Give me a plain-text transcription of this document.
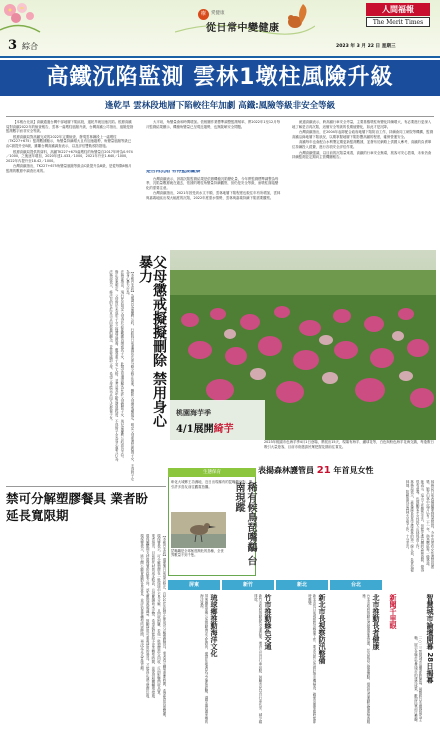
3 綜合
療	愛健康
從日常中變健康
人間福報
The Merit Times
2023 年 3 月 22 日 星期三
高鐵沉陷監測 雲林1墩柱風險升級
逢乾旱 雲林段地層下陷較往年加劇 高鐵:風險等級非安全等級

【本報台北訊】高鐵通過台灣中部地層下陷區段，邊乾旱就加速沉陷。根據高鐵局對高鐵2022年的檢查報告，雲林一處墩柱風險升級，台灣高鐵公司指出，風險是指監測數字而非安全等級。

根據高鐵局對高鐵完成的2022年定期檢查，發現雲林縣段上一處墩柱（TK227+675）監測數據顯示，角變量持續增大且有加速趨勢，角變量風險等級已由C級提升至B級，雖離台灣高鐵調查表示，以及評估雙軌預防措施。

根據高鐵局提供的資料，高鐵TK227+675處墩柱的角變量自2017年時為0.974／1000，之後逐年增加，2020年達1.433／1000，2021年升至1.640／1000，2022年內提升至18.42／1000。

台灣高鐵指出，TK227+675角變量風險等級由C級提升為B級，是從每隔6個月監測的數據中調查出來的。

大平坦，角變量會和時間增加。依相關作業標準調整監測頻率，將2022年1至12月每月監測結果顯示，機槍角變量已呈現近趨勢，也無陡峭安全問題。

是否再沉陷 有待監測觀察

台灣高鐵表示，該端沉陷監測結果是依據機槍沉陷變化量，今年將監測標準調整為每季，沉陷量數據就在過去，依據的墩柱角變量持續觀察，但仍是安全等級，而墩柱面臨變化的需要注意。

台灣高鐵指出，2021年因受到水文不順，雲林地層下陷程度也較往年有所增加，雲林與嘉義地區出現大幅度的沉陷，2022年度需水情勢，雲林與嘉義持續下陷需要觀察。

統還高鐵表示，跨高鐵行車安全考量，主要基樁墩柱角變化持續增大，有必要進行更深入地了解是否再沉陷，這個安全等級的長期值變化，如此才是沉降。

台灣高鐵指出，在2004年起即配合政府地層下陷防治工作，持續會同工研院等機構，監測高鐵沿線地層下陷狀況，以期掌握地層下陷影響高鐵的程度，確保營運安全。

高鐵每年也會配合水利署定期更新監測數據，並發布於網路上供國人參考，高鐵的負責單位持續投入經費，進行各項安全評估作業。

台灣高鐵強調，以目前的沉陷量來看，高鐵的行車安全無虞，旅客可安心搭乘，未來仍會持續監測並定期向主管機關報告。

父母懲戒擬擬刪除 禁用身心暴力

【本報台北訊】為落實兒童權利公約，行政院日前通過民法部分條文修正草案，刪除父母懲戒權規定，明定父母保護及教養子女，不得對子女為身心暴力行為。

法務部指出，現行民法規定父母得於必要範圍內懲戒其子女，此規定易遭誤解為允許父母體罰子女，與兒童權利公約意旨不符。

修正草案明定，父母對於未成年子女之保護及教養，應尊重子女之人格，並考量其年齡及發展程度，不得對子女為身心暴力行為。

法務部表示，修法目的在於宣示正向教養的觀念，並非要處罰父母，希望父母能以正向方式教養子女。	桃園海芋季
4/1展開綺芋
2023年桃園市色海芋季4月1日登場，將展出15天，現場有海芋、繡球花等，白色與粉色海芋花海交織，每逢假日吸引大量遊客，目前市府邀請民眾把握花期前往賞花。
禁可分解塑膠餐具 業者盼延長寬限期

【本報台北訊】環保署日前預告修正，自2025年起禁止使用可分解塑膠餐具，業者表示轉型需要時間，希望能延長寬限期。

環保署表示，可分解塑膠在一般環境中不易分解，且回收困難，若與一般塑膠混合回收，反而影響回收品質。

業者指出，目前替代材質成本較高，且供應鏈尚未完整，希望政府能給予更多轉型時間，並提供相關輔導措施。

環保團體則支持環保署的政策方向，認為應從源頭減量，鼓勵使用可重複使用的餐具，才能真正減少塑膠垃圾。

環保署表示，將召開公聽會廣納各界意見，並評估業者轉型所需時間，再決定正式實施日期。

生態保育
彰化大城鄉王功濕地，近日出現稀有的琵嘴鷸身影，吸引許多鳥友前往觀賞拍攝。
琵嘴鷸是全球極度瀕危的鳥種，全世界數量不到千隻。	稀有候鳥琵嘴鷸 台南現蹤
表揚森林護管員 21 年首見女性

林務局日前表揚績優森林護管員，今年首度有女性護管員獲獎，她在山林中巡守已有二十一年，熟悉轄區每一條林道。

她表示，巡山工作雖然辛苦，但能守護台灣的森林資源，覺得很有意義，也鼓勵更多女性投入山林保育工作。

林務局表示，森林護管員是守護森林的第一線人員，負責巡視林地、防範盜伐及森林火災等工作，十分辛苦。

屏東
琉球鄉推動海洋文化
屏東縣琉球鄉公所推動海洋文化教育，邀請在地漁民分享捕魚經驗，讓學童認識家鄉的海洋資源。
新竹
竹市推動綠色交通
新竹市政府推動綠色交通政策，增設公共自行車站點，鼓勵市民以自行車代步，減少碳排放。
新北
新北市長視察防汛整備
新北市長日前視察防汛整備工作，要求各區公所做好抽水機檢查，確保汛期來臨時能即時應變。
台北
北市推動長者健康
台北市政府推動長者健康促進計畫，於各區設立健康據點，提供長者運動及健康檢查服務。	新聞千里眼	智慧城市論壇開幕 28日揭幕
二○二三智慧城市論壇即將開幕，展覽將以永續發展為主軸，展示各縣市智慧城市的建設成果，歡迎民眾前往參觀。
